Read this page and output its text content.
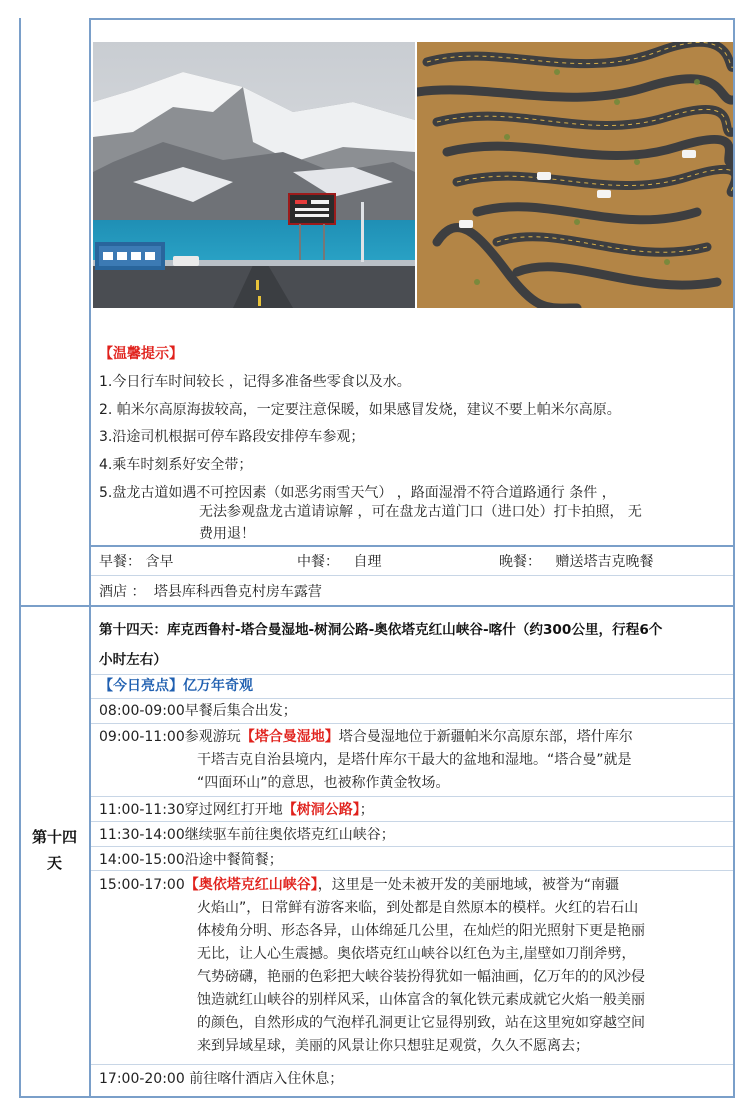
第十四
天
【温馨提示】
1.今日行车时间较长 ，记得多准备些零食以及水。
2. 帕米尔高原海拔较高，一定要注意保暖，如果感冒发烧，建议不要上帕米尔高原。
3.沿途司机根据可停车路段安排停车参观；
4.乘车时刻系好安全带；
5.盘龙古道如遇不可控因素（如恶劣雨雪天气） ，路面湿滑不符合道路通行 条件 ，
无法参观盘龙古道请谅解 ，可在盘龙古道门口（进口处）打卡拍照， 无
费用退！
早餐： 含早	中餐： 自理	晚餐： 赠送塔吉克晚餐
酒店 ： 塔县库科西鲁克村房车露营
第十四天：库克西鲁村-塔合曼湿地-树洞公路-奥依塔克红山峡谷-喀什（约300公里，行程6个
小时左右）
【今日亮点】亿万年奇观
08:00-09:00早餐后集合出发；
09:00-11:00参观游玩【塔合曼湿地】塔合曼湿地位于新疆帕米尔高原东部，塔什库尔
干塔吉克自治县境内，是塔什库尔干最大的盆地和湿地。“塔合曼”就是
“四面环山”的意思，也被称作黄金牧场。
11:00-11:30穿过网红打开地【树洞公路】；
11:30-14:00继续驱车前往奥依塔克红山峡谷；
14:00-15:00沿途中餐简餐；
15:00-17:00【奥依塔克红山峡谷】，这里是一处未被开发的美丽地域，被誉为“南疆
火焰山”，日常鲜有游客来临，到处都是自然原本的模样。火红的岩石山
体棱角分明、形态各异，山体绵延几公里，在灿烂的阳光照射下更是艳丽
无比，让人心生震撼。奥依塔克红山峡谷以红色为主,崖壁如刀削斧劈，
气势磅礴，艳丽的色彩把大峡谷装扮得犹如一幅油画，亿万年的的风沙侵
蚀造就红山峡谷的别样风采，山体富含的氧化铁元素成就它火焰一般美丽
的颜色，自然形成的气泡样孔洞更让它显得别致，站在这里宛如穿越空间
来到异域星球，美丽的风景让你只想驻足观赏，久久不愿离去；
17:00-20:00 前往喀什酒店入住休息；
